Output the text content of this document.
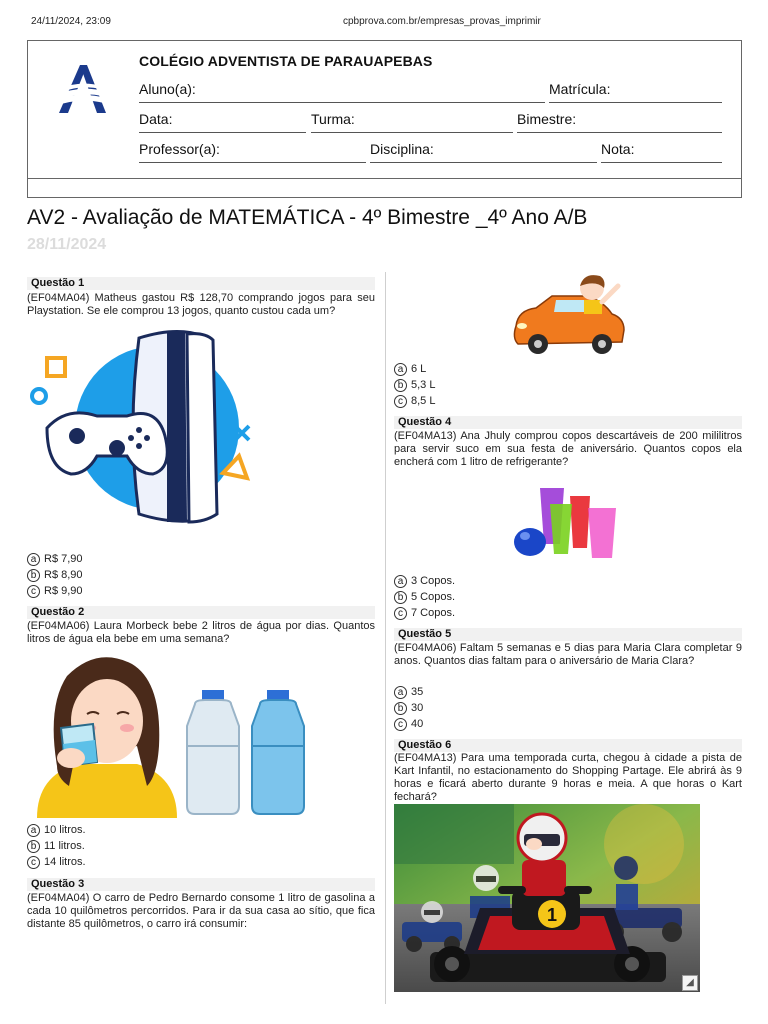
24/11/2024, 23:09	cpbprova.com.br/empresas_provas_imprimir
COLÉGIO ADVENTISTA DE PARAUAPEBAS
Aluno(a):	Matrícula:
Data:	Turma:	Bimestre:
Professor(a):	Disciplina:	Nota:
AV2 - Avaliação de MATEMÁTICA - 4º Bimestre _4º Ano A/B
28/11/2024
Questão 1
(EF04MA04) Matheus gastou R$ 128,70 comprando jogos para seu Playstation. Se ele comprou 13 jogos, quanto custou cada um?
a R$ 7,90
b R$ 8,90
c R$ 9,90
Questão 2
(EF04MA06) Laura Morbeck bebe 2 litros de água por dias. Quantos litros de água ela bebe em uma semana?
a 10 litros.
b 11 litros.
c 14 litros.
Questão 3
(EF04MA04) O carro de Pedro Bernardo consome 1 litro de gasolina a cada 10 quilômetros percorridos. Para ir da sua casa ao sítio, que fica distante 85 quilômetros, o carro irá consumir:
a 6 L
b 5,3 L
c 8,5 L
Questão 4
(EF04MA13) Ana Jhuly comprou copos descartáveis de 200 mililitros para servir suco em sua festa de aniversário. Quantos copos ela encherá com 1 litro de refrigerante?
a 3 Copos.
b 5 Copos.
c 7 Copos.
Questão 5
(EF04MA06) Faltam 5 semanas e 5 dias para Maria Clara completar 9 anos. Quantos dias faltam para o aniversário de Maria Clara?
a 35
b 30
c 40
Questão 6
(EF04MA13) Para uma temporada curta, chegou à cidade a pista de Kart Infantil, no estacionamento do Shopping Partage. Ele abrirá às 9 horas e ficará aberto durante 9 horas e meia. A que horas o Kart fechará?
1
◢
